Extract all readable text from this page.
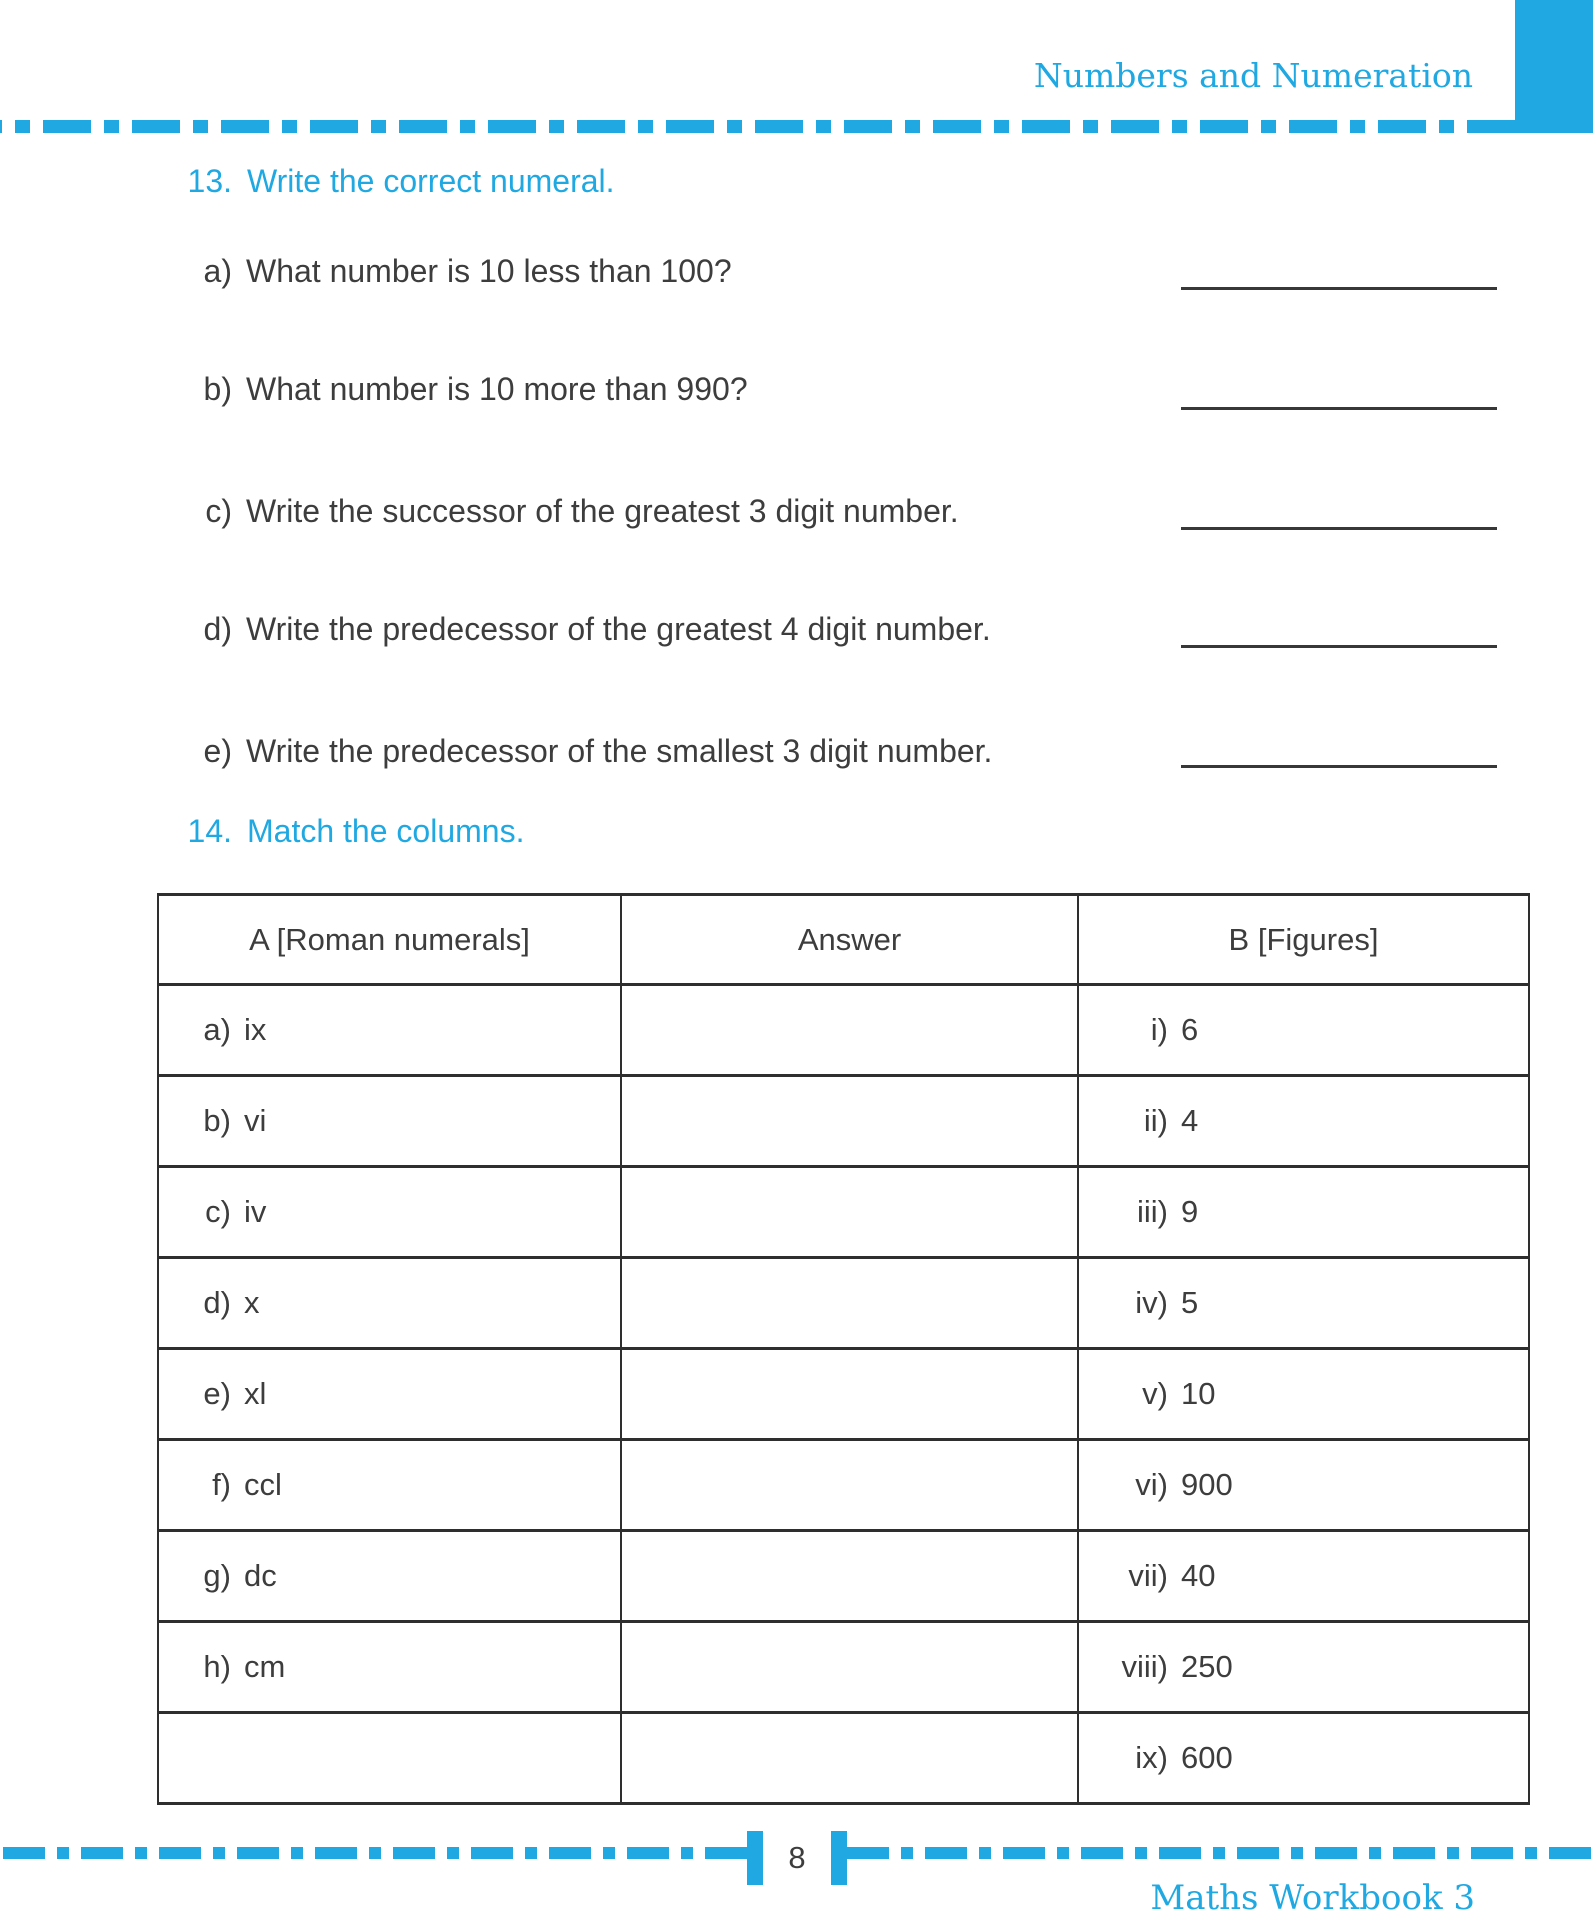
Numbers and Numeration
13. Write the correct numeral.
a) What number is 10 less than 100?
b) What number is 10 more than 990?
c) Write the successor of the greatest 3 digit number.
d) Write the predecessor of the greatest 4 digit number.
e) Write the predecessor of the smallest 3 digit number.
14. Match the columns.
A [Roman numerals]	Answer	B [Figures]
a) ix		i) 6
b) vi		ii) 4
c) iv		iii) 9
d) x		iv) 5
e) xl		v) 10
f) ccl		vi) 900
g) dc		vii) 40
h) cm		viii) 250
		ix) 600
8
Maths Workbook 3
